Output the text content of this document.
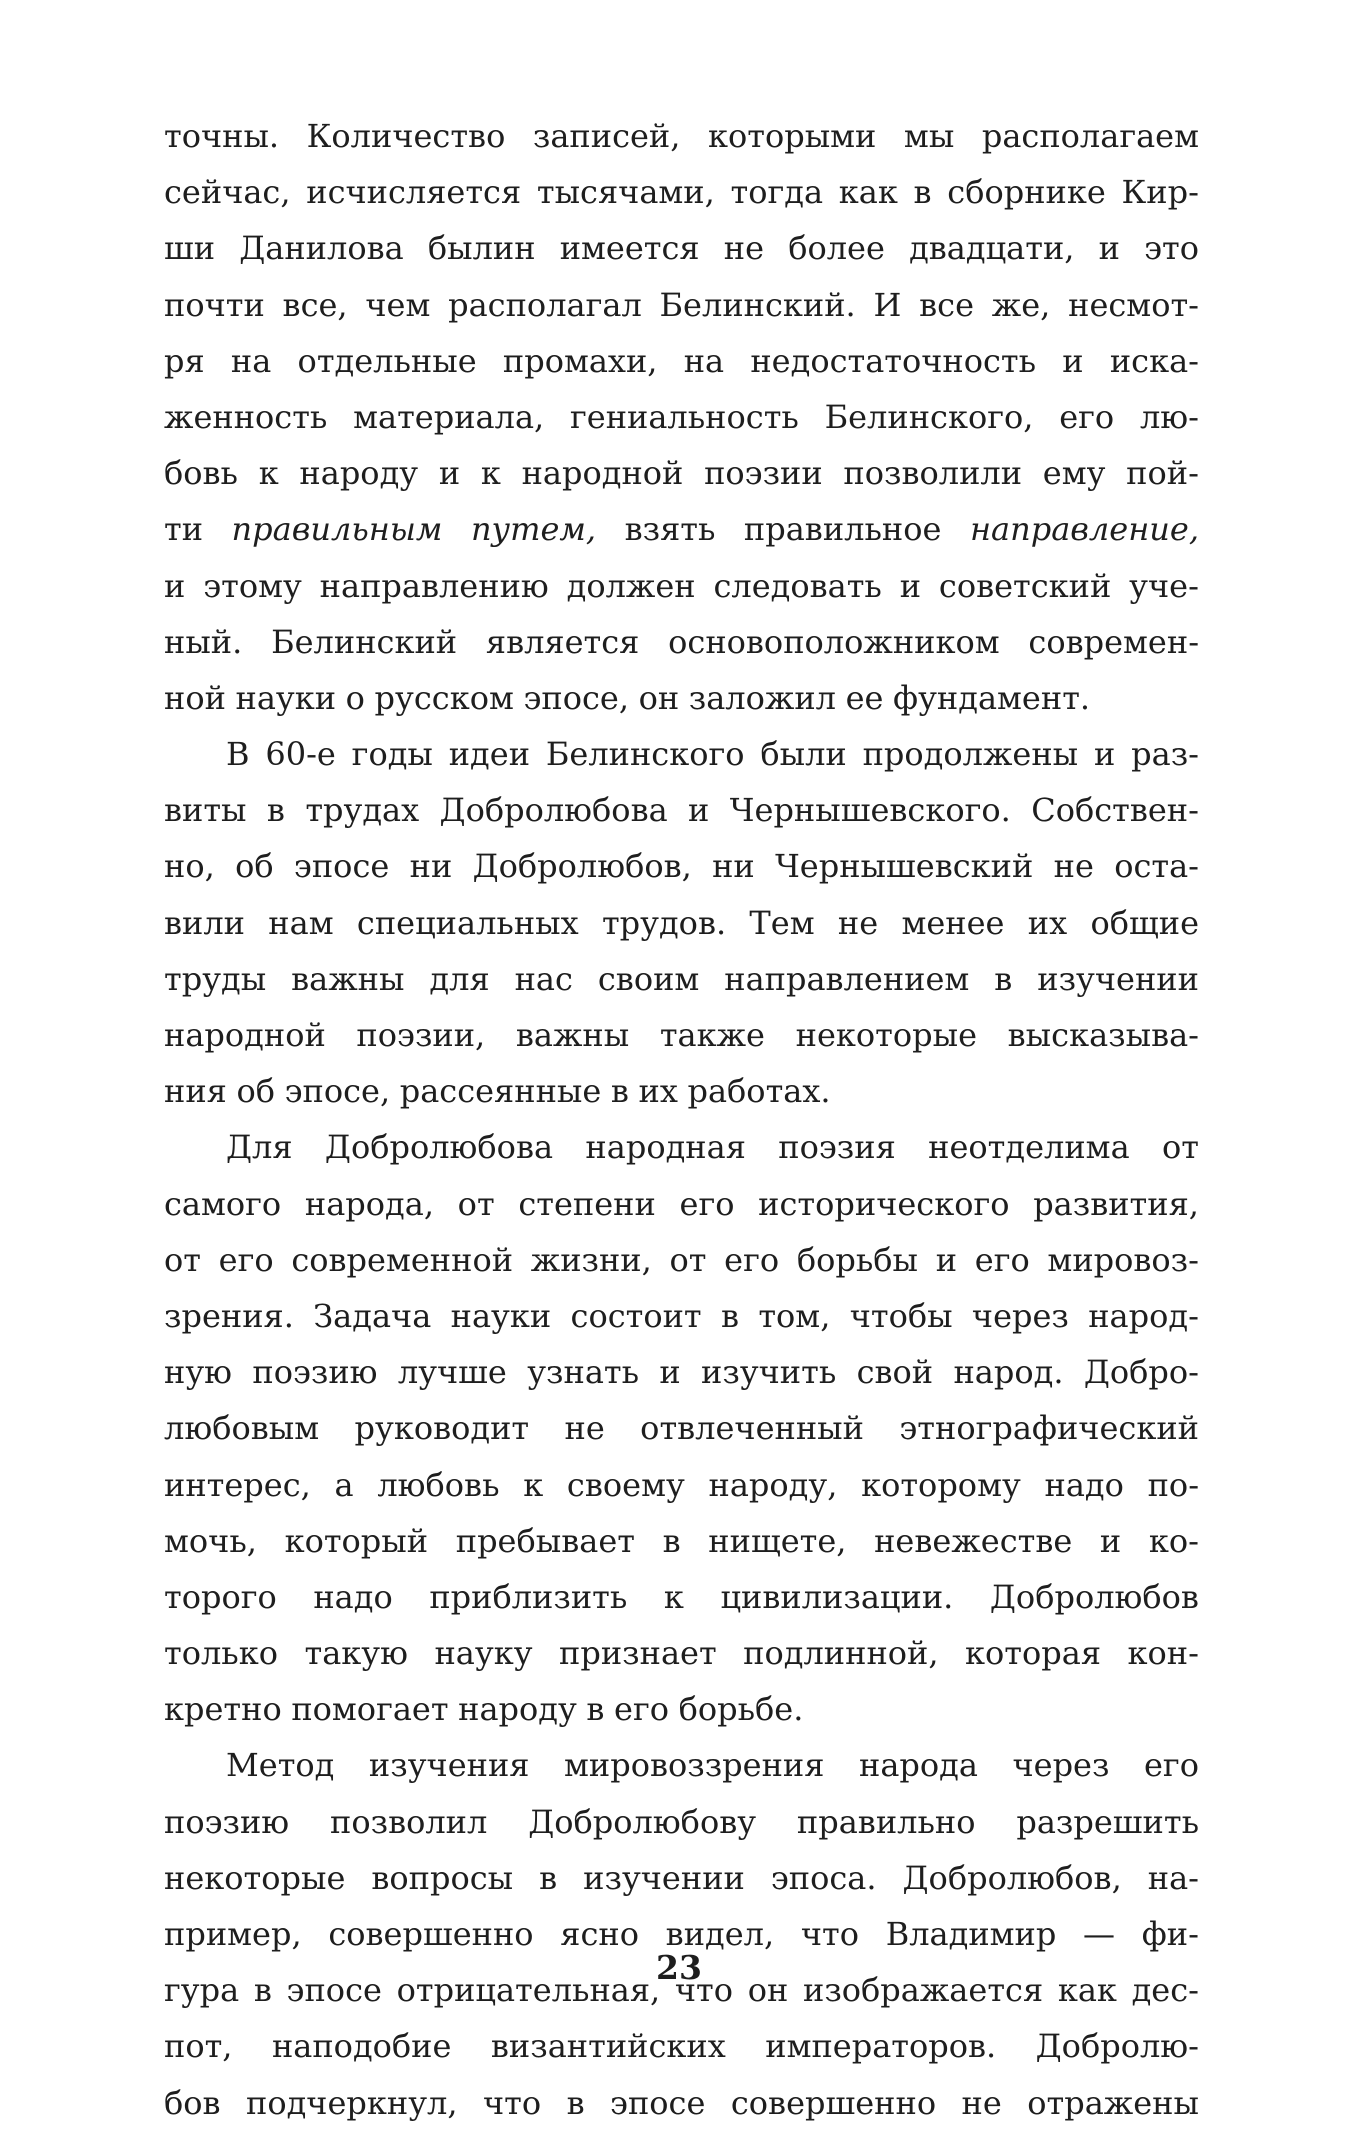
точны. Количество записей, которыми мы располагаем
сейчас, исчисляется тысячами, тогда как в сборнике Кир-
ши Данилова былин имеется не более двадцати, и это
почти все, чем располагал Белинский. И все же, несмот-
ря на отдельные промахи, на недостаточность и иска-
женность материала, гениальность Белинского, его лю-
бовь к народу и к народной поэзии позволили ему пой-
ти правильным путем, взять правильное направление,
и этому направлению должен следовать и советский уче-
ный. Белинский является основоположником современ-
ной науки о русском эпосе, он заложил ее фундамент.
В 60-е годы идеи Белинского были продолжены и раз-
виты в трудах Добролюбова и Чернышевского. Собствен-
но, об эпосе ни Добролюбов, ни Чернышевский не оста-
вили нам специальных трудов. Тем не менее их общие
труды важны для нас своим направлением в изучении
народной поэзии, важны также некоторые высказыва-
ния об эпосе, рассеянные в их работах.
Для Добролюбова народная поэзия неотделима от
самого народа, от степени его исторического развития,
от его современной жизни, от его борьбы и его мировоз-
зрения. Задача науки состоит в том, чтобы через народ-
ную поэзию лучше узнать и изучить свой народ. Добро-
любовым руководит не отвлеченный этнографический
интерес, а любовь к своему народу, которому надо по-
мочь, который пребывает в нищете, невежестве и ко-
торого надо приблизить к цивилизации. Добролюбов
только такую науку признает подлинной, которая кон-
кретно помогает народу в его борьбе.
Метод изучения мировоззрения народа через его
поэзию позволил Добролюбову правильно разрешить
некоторые вопросы в изучении эпоса. Добролюбов, на-
пример, совершенно ясно видел, что Владимир — фи-
гура в эпосе отрицательная, что он изображается как дес-
пот, наподобие византийских императоров. Добролю-
бов подчеркнул, что в эпосе совершенно не отражены
23
